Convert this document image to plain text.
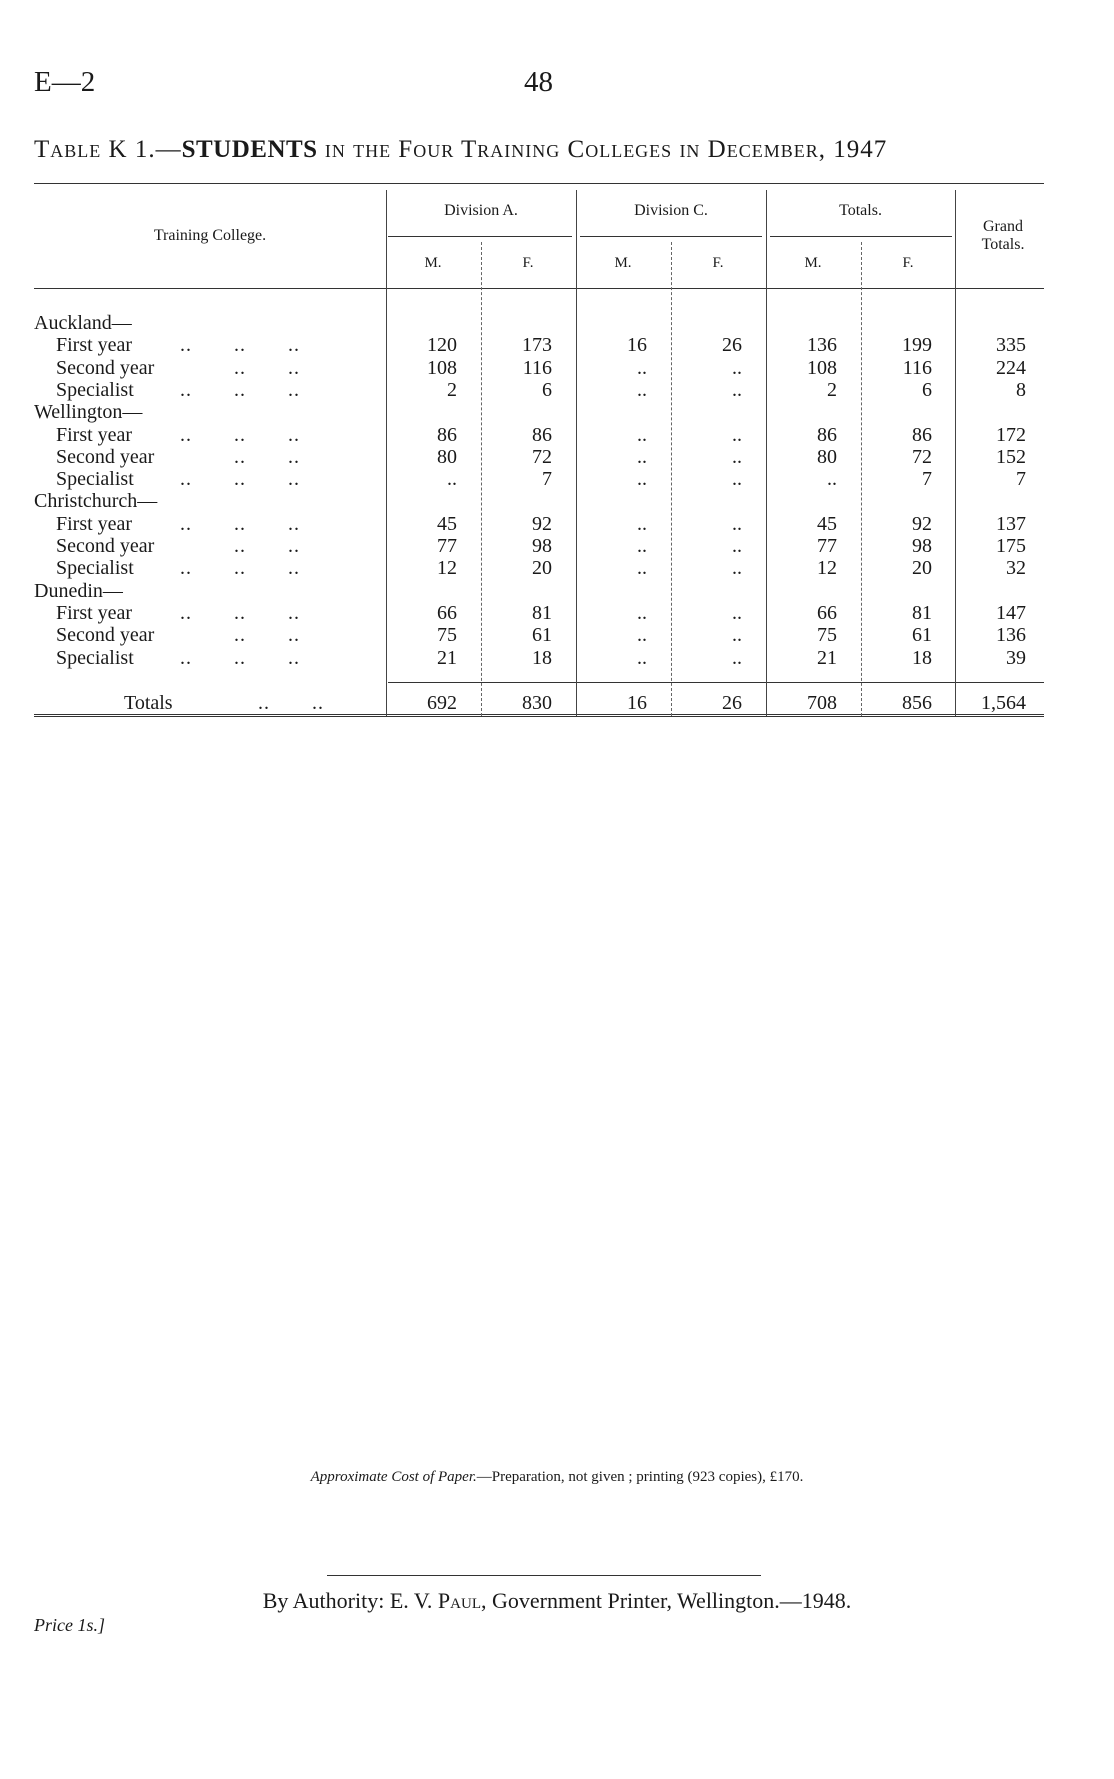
E—2	48
Table K 1.—STUDENTS in the Four Training Colleges in December, 1947
Training College.
Division A.	Division C.	Totals.
Grand
Totals.
M.	F.	M.	F.	M.	F.
Auckland—
First year ..       ..       ..	120	173	16	26	136	199	335
Second year ..       ..	108	116	..	..	108	116	224
Specialist ..       ..       ..	2	6	..	..	2	6	8
Wellington—
First year ..       ..       ..	86	86	..	..	86	86	172
Second year ..       ..	80	72	..	..	80	72	152
Specialist ..       ..       ..	..	7	..	..	..	7	7
Christchurch—
First year ..       ..       ..	45	92	..	..	45	92	137
Second year ..       ..	77	98	..	..	77	98	175
Specialist ..       ..       ..	12	20	..	..	12	20	32
Dunedin—
First year ..       ..       ..	66	81	..	..	66	81	147
Second year ..       ..	75	61	..	..	75	61	136
Specialist ..       ..       ..	21	18	..	..	21	18	39
Totals	..       ..	692	830	16	26	708	856 1,564
Approximate Cost of Paper.—Preparation, not given ; printing (923 copies), £170.
By Authority: E. V. Paul, Government Printer, Wellington.—1948.
Price 1s.]
